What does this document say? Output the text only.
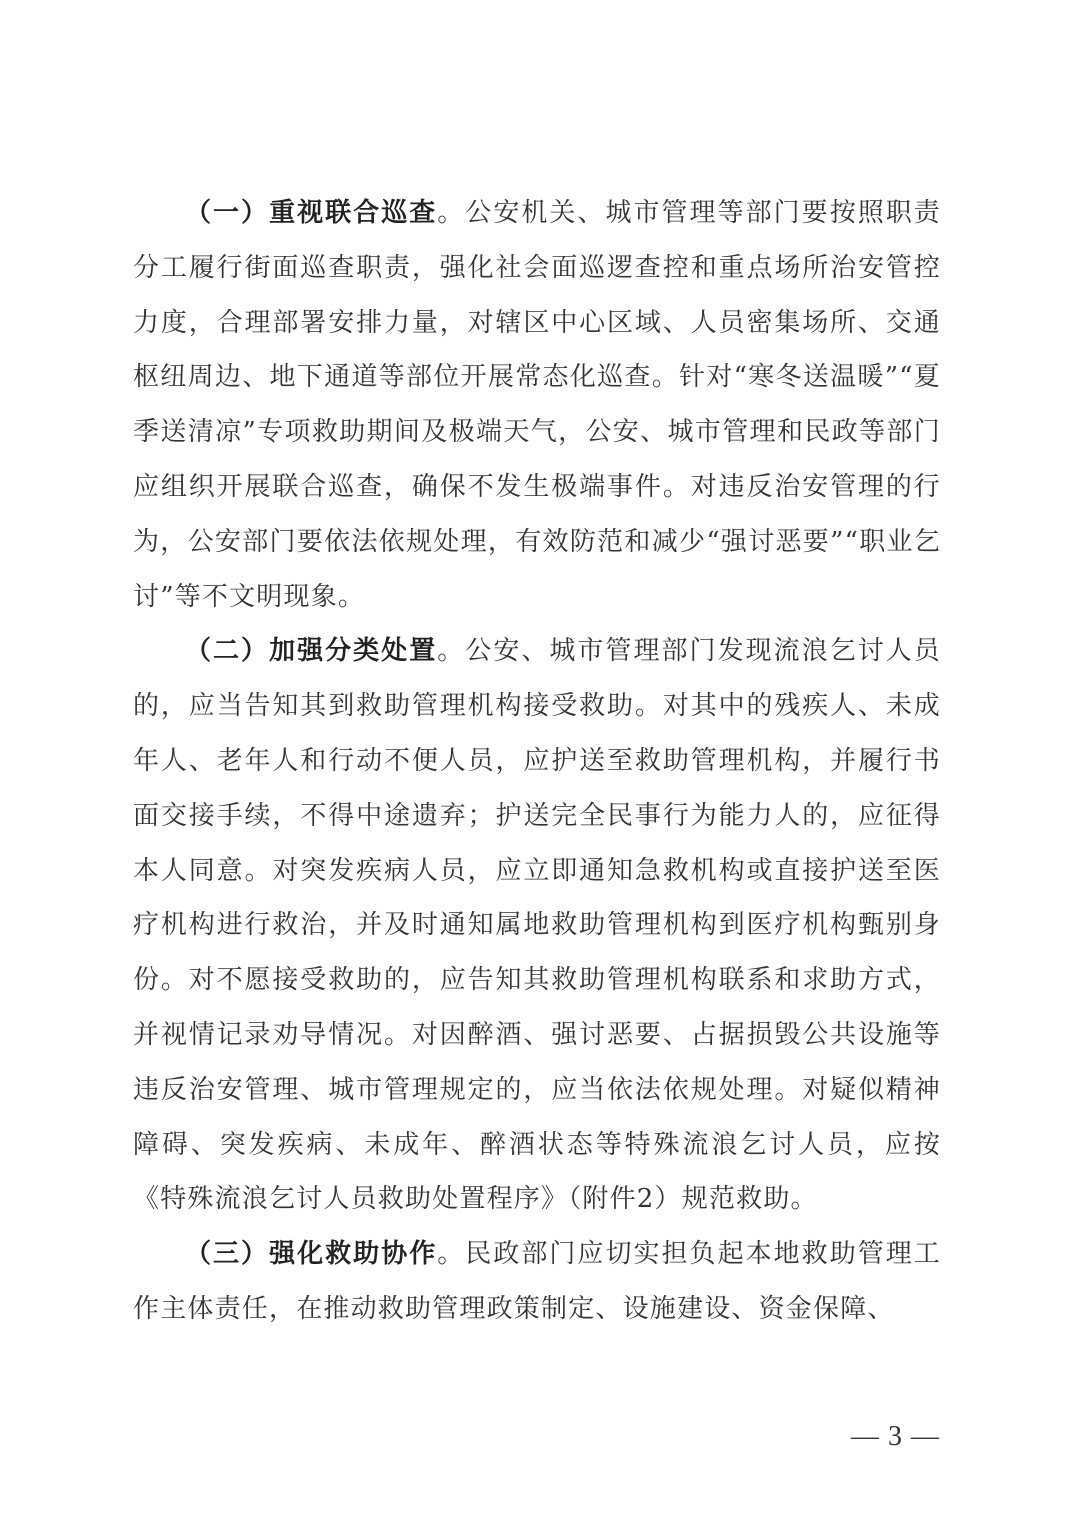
（一）重视联合巡查。公安机关、城市管理等部门要按照职责分工履行街面巡查职责，强化社会面巡逻查控和重点场所治安管控力度，合理部署安排力量，对辖区中心区域、人员密集场所、交通枢纽周边、地下通道等部位开展常态化巡查。针对“寒冬送温暖”“夏季送清凉”专项救助期间及极端天气，公安、城市管理和民政等部门应组织开展联合巡查，确保不发生极端事件。对违反治安管理的行为，公安部门要依法依规处理，有效防范和减少“强讨恶要”“职业乞讨”等不文明现象。

（二）加强分类处置。公安、城市管理部门发现流浪乞讨人员的，应当告知其到救助管理机构接受救助。对其中的残疾人、未成年人、老年人和行动不便人员，应护送至救助管理机构，并履行书面交接手续，不得中途遗弃；护送完全民事行为能力人的，应征得本人同意。对突发疾病人员，应立即通知急救机构或直接护送至医疗机构进行救治，并及时通知属地救助管理机构到医疗机构甄别身份。对不愿接受救助的，应告知其救助管理机构联系和求助方式，并视情记录劝导情况。对因醉酒、强讨恶要、占据损毁公共设施等违反治安管理、城市管理规定的，应当依法依规处理。对疑似精神障碍、突发疾病、未成年、醉酒状态等特殊流浪乞讨人员，应按《特殊流浪乞讨人员救助处置程序》（附件2）规范救助。

（三）强化救助协作。民政部门应切实担负起本地救助管理工作主体责任，在推动救助管理政策制定、设施建设、资金保障、

— 3 —
